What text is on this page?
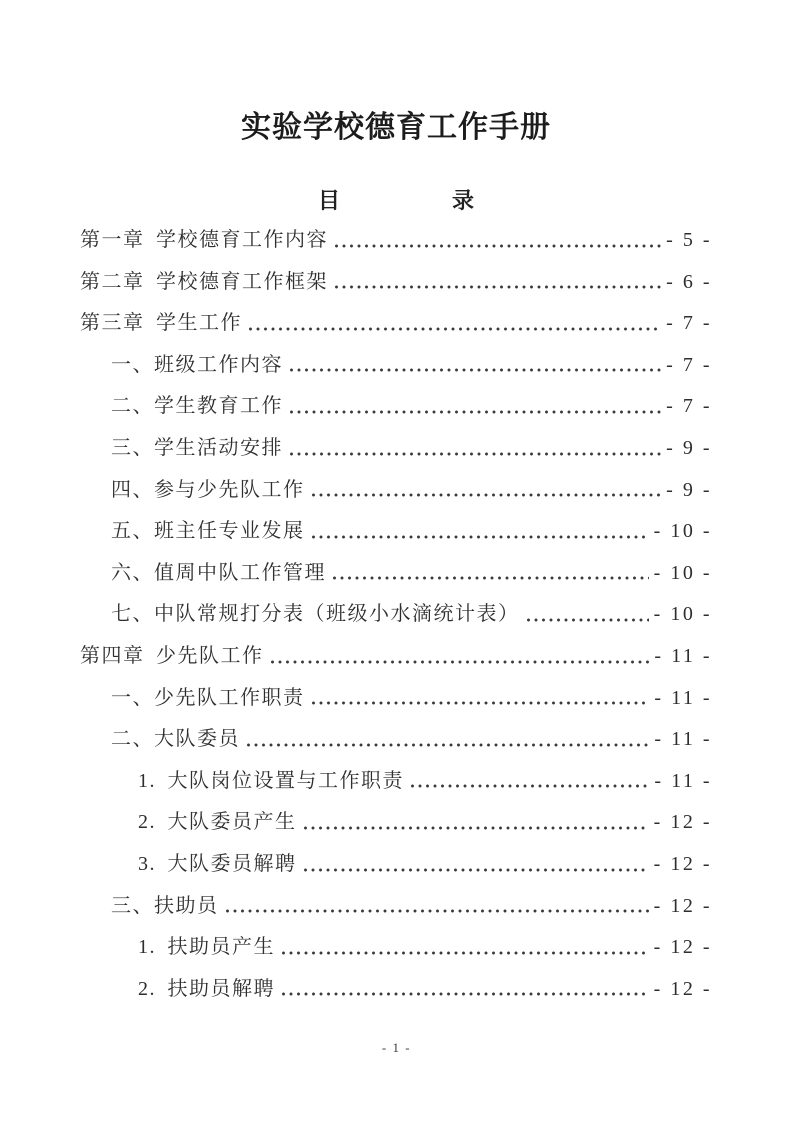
实验学校德育工作手册
目	录
第一章 学校德育工作内容	- 5 -
第二章 学校德育工作框架	- 6 -
第三章 学生工作	- 7 -
一、班级工作内容	- 7 -
二、学生教育工作	- 7 -
三、学生活动安排	- 9 -
四、参与少先队工作	- 9 -
五、班主任专业发展	- 10 -
六、值周中队工作管理	- 10 -
七、中队常规打分表（班级小水滴统计表）	- 10 -
第四章 少先队工作	- 11 -
一、少先队工作职责	- 11 -
二、大队委员	- 11 -
1. 大队岗位设置与工作职责	- 11 -
2. 大队委员产生	- 12 -
3. 大队委员解聘	- 12 -
三、扶助员	- 12 -
1. 扶助员产生	- 12 -
2. 扶助员解聘	- 12 -
- 1 -
